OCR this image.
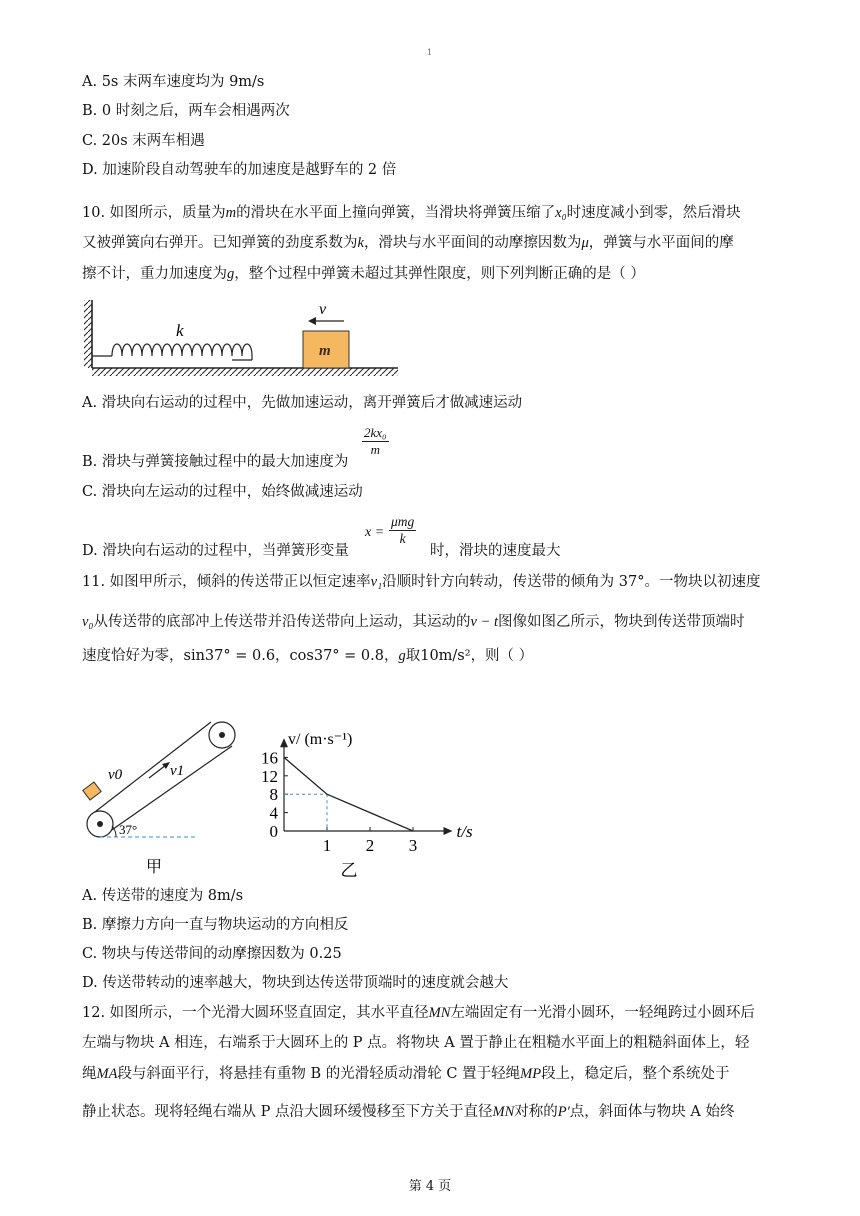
1
A. 5s 末两车速度均为 9m/s
B. 0 时刻之后，两车会相遇两次
C. 20s 末两车相遇
D. 加速阶段自动驾驶车的加速度是越野车的 2 倍
10. 如图所示，质量为m的滑块在水平面上撞向弹簧，当滑块将弹簧压缩了x₀时速度减小到零，然后滑块
又被弹簧向右弹开。已知弹簧的劲度系数为k，滑块与水平面间的动摩擦因数为μ，弹簧与水平面间的摩
擦不计，重力加速度为g，整个过程中弹簧未超过其弹性限度，则下列判断正确的是（ ）
k
m
v
A. 滑块向右运动的过程中，先做加速运动，离开弹簧后才做减速运动
B. 滑块与弹簧接触过程中的最大加速度为
$\frac{\text{2kx₀}}{m}$
C. 滑块向左运动的过程中，始终做减速运动
D. 滑块向右运动的过程中，当弹簧形变量
x =
μmg
k
时，滑块的速度最大
11. 如图甲所示，倾斜的传送带正以恒定速率v₁沿顺时针方向转动，传送带的倾角为 37°。一物块以初速度
v₀从传送带的底部冲上传送带并沿传送带向上运动，其运动的v − t图像如图乙所示，物块到传送带顶端时
速度恰好为零，sin37° = 0.6，cos37° = 0.8，g取10m/s²，则（ ）
v0	v1
37°
甲
0
4
8
12
16
1 2 3
t/s
v/ (m·s⁻¹)
乙
A. 传送带的速度为 8m/s
B. 摩擦力方向一直与物块运动的方向相反
C. 物块与传送带间的动摩擦因数为 0.25
D. 传送带转动的速率越大，物块到达传送带顶端时的速度就会越大
12. 如图所示，一个光滑大圆环竖直固定，其水平直径MN左端固定有一光滑小圆环，一轻绳跨过小圆环后
左端与物块 A 相连，右端系于大圆环上的 P 点。将物块 A 置于静止在粗糙水平面上的粗糙斜面体上，轻
绳MA段与斜面平行，将悬挂有重物 B 的光滑轻质动滑轮 C 置于轻绳MP段上，稳定后，整个系统处于
静止状态。现将轻绳右端从 P 点沿大圆环缓慢移至下方关于直径MN对称的P′点，斜面体与物块 A 始终
第 4 页
